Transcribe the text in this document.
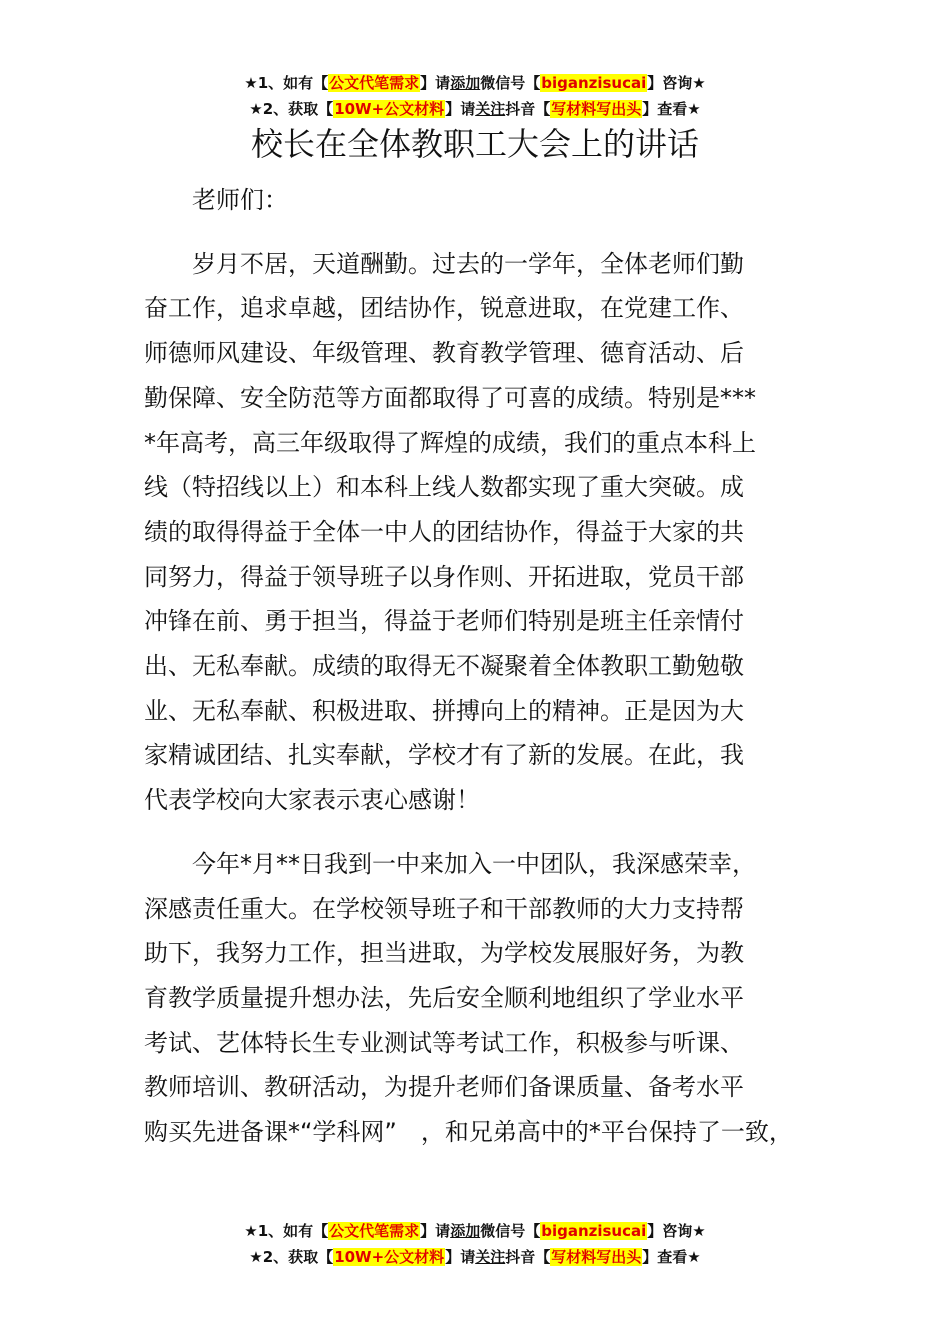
★1、如有【公文代笔需求】请添加微信号【biganzisucai】咨询★
★2、获取【10W+公文材料】请关注抖音【写材料写出头】查看★
校长在全体教职工大会上的讲话
老师们：
岁月不居，天道酬勤。过去的一学年，全体老师们勤
奋工作，追求卓越，团结协作，锐意进取，在党建工作、
师德师风建设、年级管理、教育教学管理、德育活动、后
勤保障、安全防范等方面都取得了可喜的成绩。特别是***
*年高考，高三年级取得了辉煌的成绩，我们的重点本科上
线（特招线以上）和本科上线人数都实现了重大突破。成
绩的取得得益于全体一中人的团结协作，得益于大家的共
同努力，得益于领导班子以身作则、开拓进取，党员干部
冲锋在前、勇于担当，得益于老师们特别是班主任亲情付
出、无私奉献。成绩的取得无不凝聚着全体教职工勤勉敬
业、无私奉献、积极进取、拼搏向上的精神。正是因为大
家精诚团结、扎实奉献，学校才有了新的发展。在此，我
代表学校向大家表示衷心感谢！
今年*月**日我到一中来加入一中团队，我深感荣幸，
深感责任重大。在学校领导班子和干部教师的大力支持帮
助下，我努力工作，担当进取，为学校发展服好务，为教
育教学质量提升想办法，先后安全顺利地组织了学业水平
考试、艺体特长生专业测试等考试工作，积极参与听课、
教师培训、教研活动，为提升老师们备课质量、备考水平
购买先进备课*“学科网”　，和兄弟高中的*平台保持了一致，
★1、如有【公文代笔需求】请添加微信号【biganzisucai】咨询★
★2、获取【10W+公文材料】请关注抖音【写材料写出头】查看★
